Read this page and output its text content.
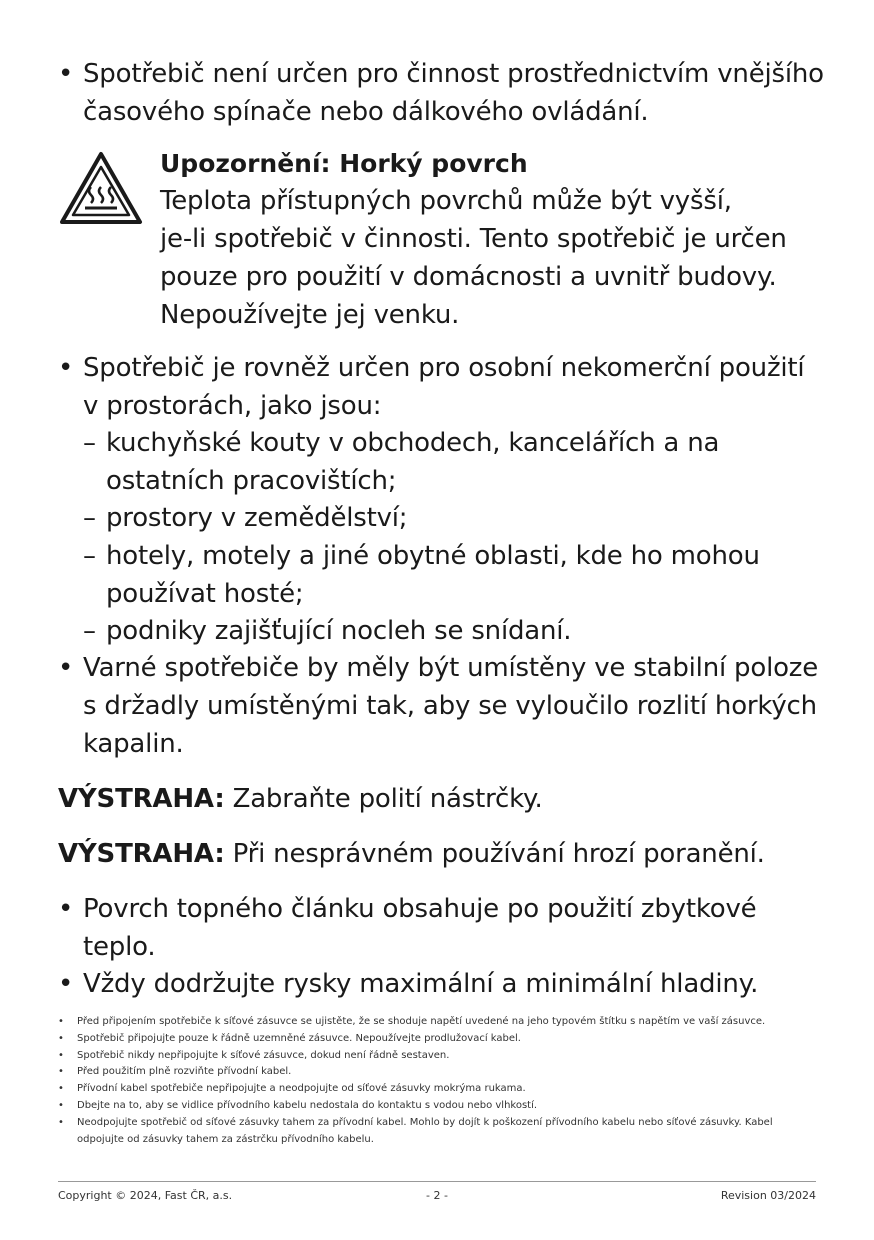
• Spotřebič není určen pro činnost prostřednictvím vnějšího
časového spínače nebo dálkového ovládání.
Upozornění: Horký povrch
Teplota přístupných povrchů může být vyšší,
je-li spotřebič v činnosti. Tento spotřebič je určen
pouze pro použití v domácnosti a uvnitř budovy.
Nepoužívejte jej venku.
• Spotřebič je rovněž určen pro osobní nekomerční použití
v prostorách, jako jsou:
– kuchyňské kouty v obchodech, kancelářích a na
ostatních pracovištích;
– prostory v zemědělství;
– hotely, motely a jiné obytné oblasti, kde ho mohou
používat hosté;
– podniky zajišťující nocleh se snídaní.
• Varné spotřebiče by měly být umístěny ve stabilní poloze
s držadly umístěnými tak, aby se vyloučilo rozlití horkých
kapalin.
VÝSTRAHA: Zabraňte polití nástrčky.
VÝSTRAHA: Při nesprávném používání hrozí poranění.
• Povrch topného článku obsahuje po použití zbytkové
teplo.
• Vždy dodržujte rysky maximální a minimální hladiny.
• Před připojením spotřebiče k síťové zásuvce se ujistěte, že se shoduje napětí uvedené na jeho typovém štítku s napětím ve vaší zásuvce.
• Spotřebič připojujte pouze k řádně uzemněné zásuvce. Nepoužívejte prodlužovací kabel.
• Spotřebič nikdy nepřipojujte k síťové zásuvce, dokud není řádně sestaven.
• Před použitím plně rozviňte přívodní kabel.
• Přívodní kabel spotřebiče nepřipojujte a neodpojujte od síťové zásuvky mokrýma rukama.
• Dbejte na to, aby se vidlice přívodního kabelu nedostala do kontaktu s vodou nebo vlhkostí.
• Neodpojujte spotřebič od síťové zásuvky tahem za přívodní kabel. Mohlo by dojít k poškození přívodního kabelu nebo síťové zásuvky. Kabel odpojujte od zásuvky tahem za zástrčku přívodního kabelu.
Copyright © 2024, Fast ČR, a.s.	- 2 -	Revision 03/2024
